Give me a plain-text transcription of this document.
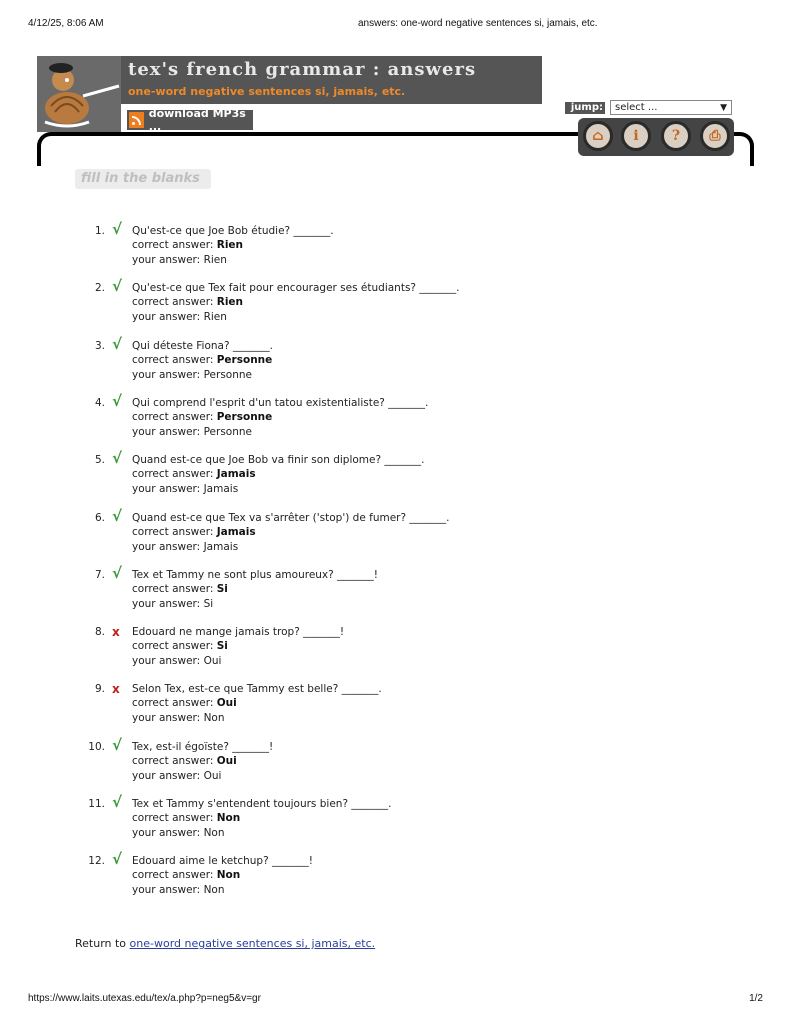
4/12/25, 8:06 AM	answers: one-word negative sentences si, jamais, etc.
tex's french grammar : answers
one-word negative sentences si, jamais, etc.
download MP3s ...
jump: select ...	▼
⌂	i	?	⎙
fill in the blanks
1. √ Qu'est-ce que Joe Bob étudie? _______.
correct answer: Rien
your answer: Rien
2. √ Qu'est-ce que Tex fait pour encourager ses étudiants? _______.
correct answer: Rien
your answer: Rien
3. √ Qui déteste Fiona? _______.
correct answer: Personne
your answer: Personne
4. √ Qui comprend l'esprit d'un tatou existentialiste? _______.
correct answer: Personne
your answer: Personne
5. √ Quand est-ce que Joe Bob va finir son diplome? _______.
correct answer: Jamais
your answer: Jamais
6. √ Quand est-ce que Tex va s'arrêter ('stop') de fumer? _______.
correct answer: Jamais
your answer: Jamais
7. √ Tex et Tammy ne sont plus amoureux? _______!
correct answer: Si
your answer: Si
8. x Edouard ne mange jamais trop? _______!
correct answer: Si
your answer: Oui
9. x Selon Tex, est-ce que Tammy est belle? _______.
correct answer: Oui
your answer: Non
10. √ Tex, est-il égoïste? _______!
correct answer: Oui
your answer: Oui
11. √ Tex et Tammy s'entendent toujours bien? _______.
correct answer: Non
your answer: Non
12. √ Edouard aime le ketchup? _______!
correct answer: Non
your answer: Non
Return to one-word negative sentences si, jamais, etc.
https://www.laits.utexas.edu/tex/a.php?p=neg5&v=gr	1/2
